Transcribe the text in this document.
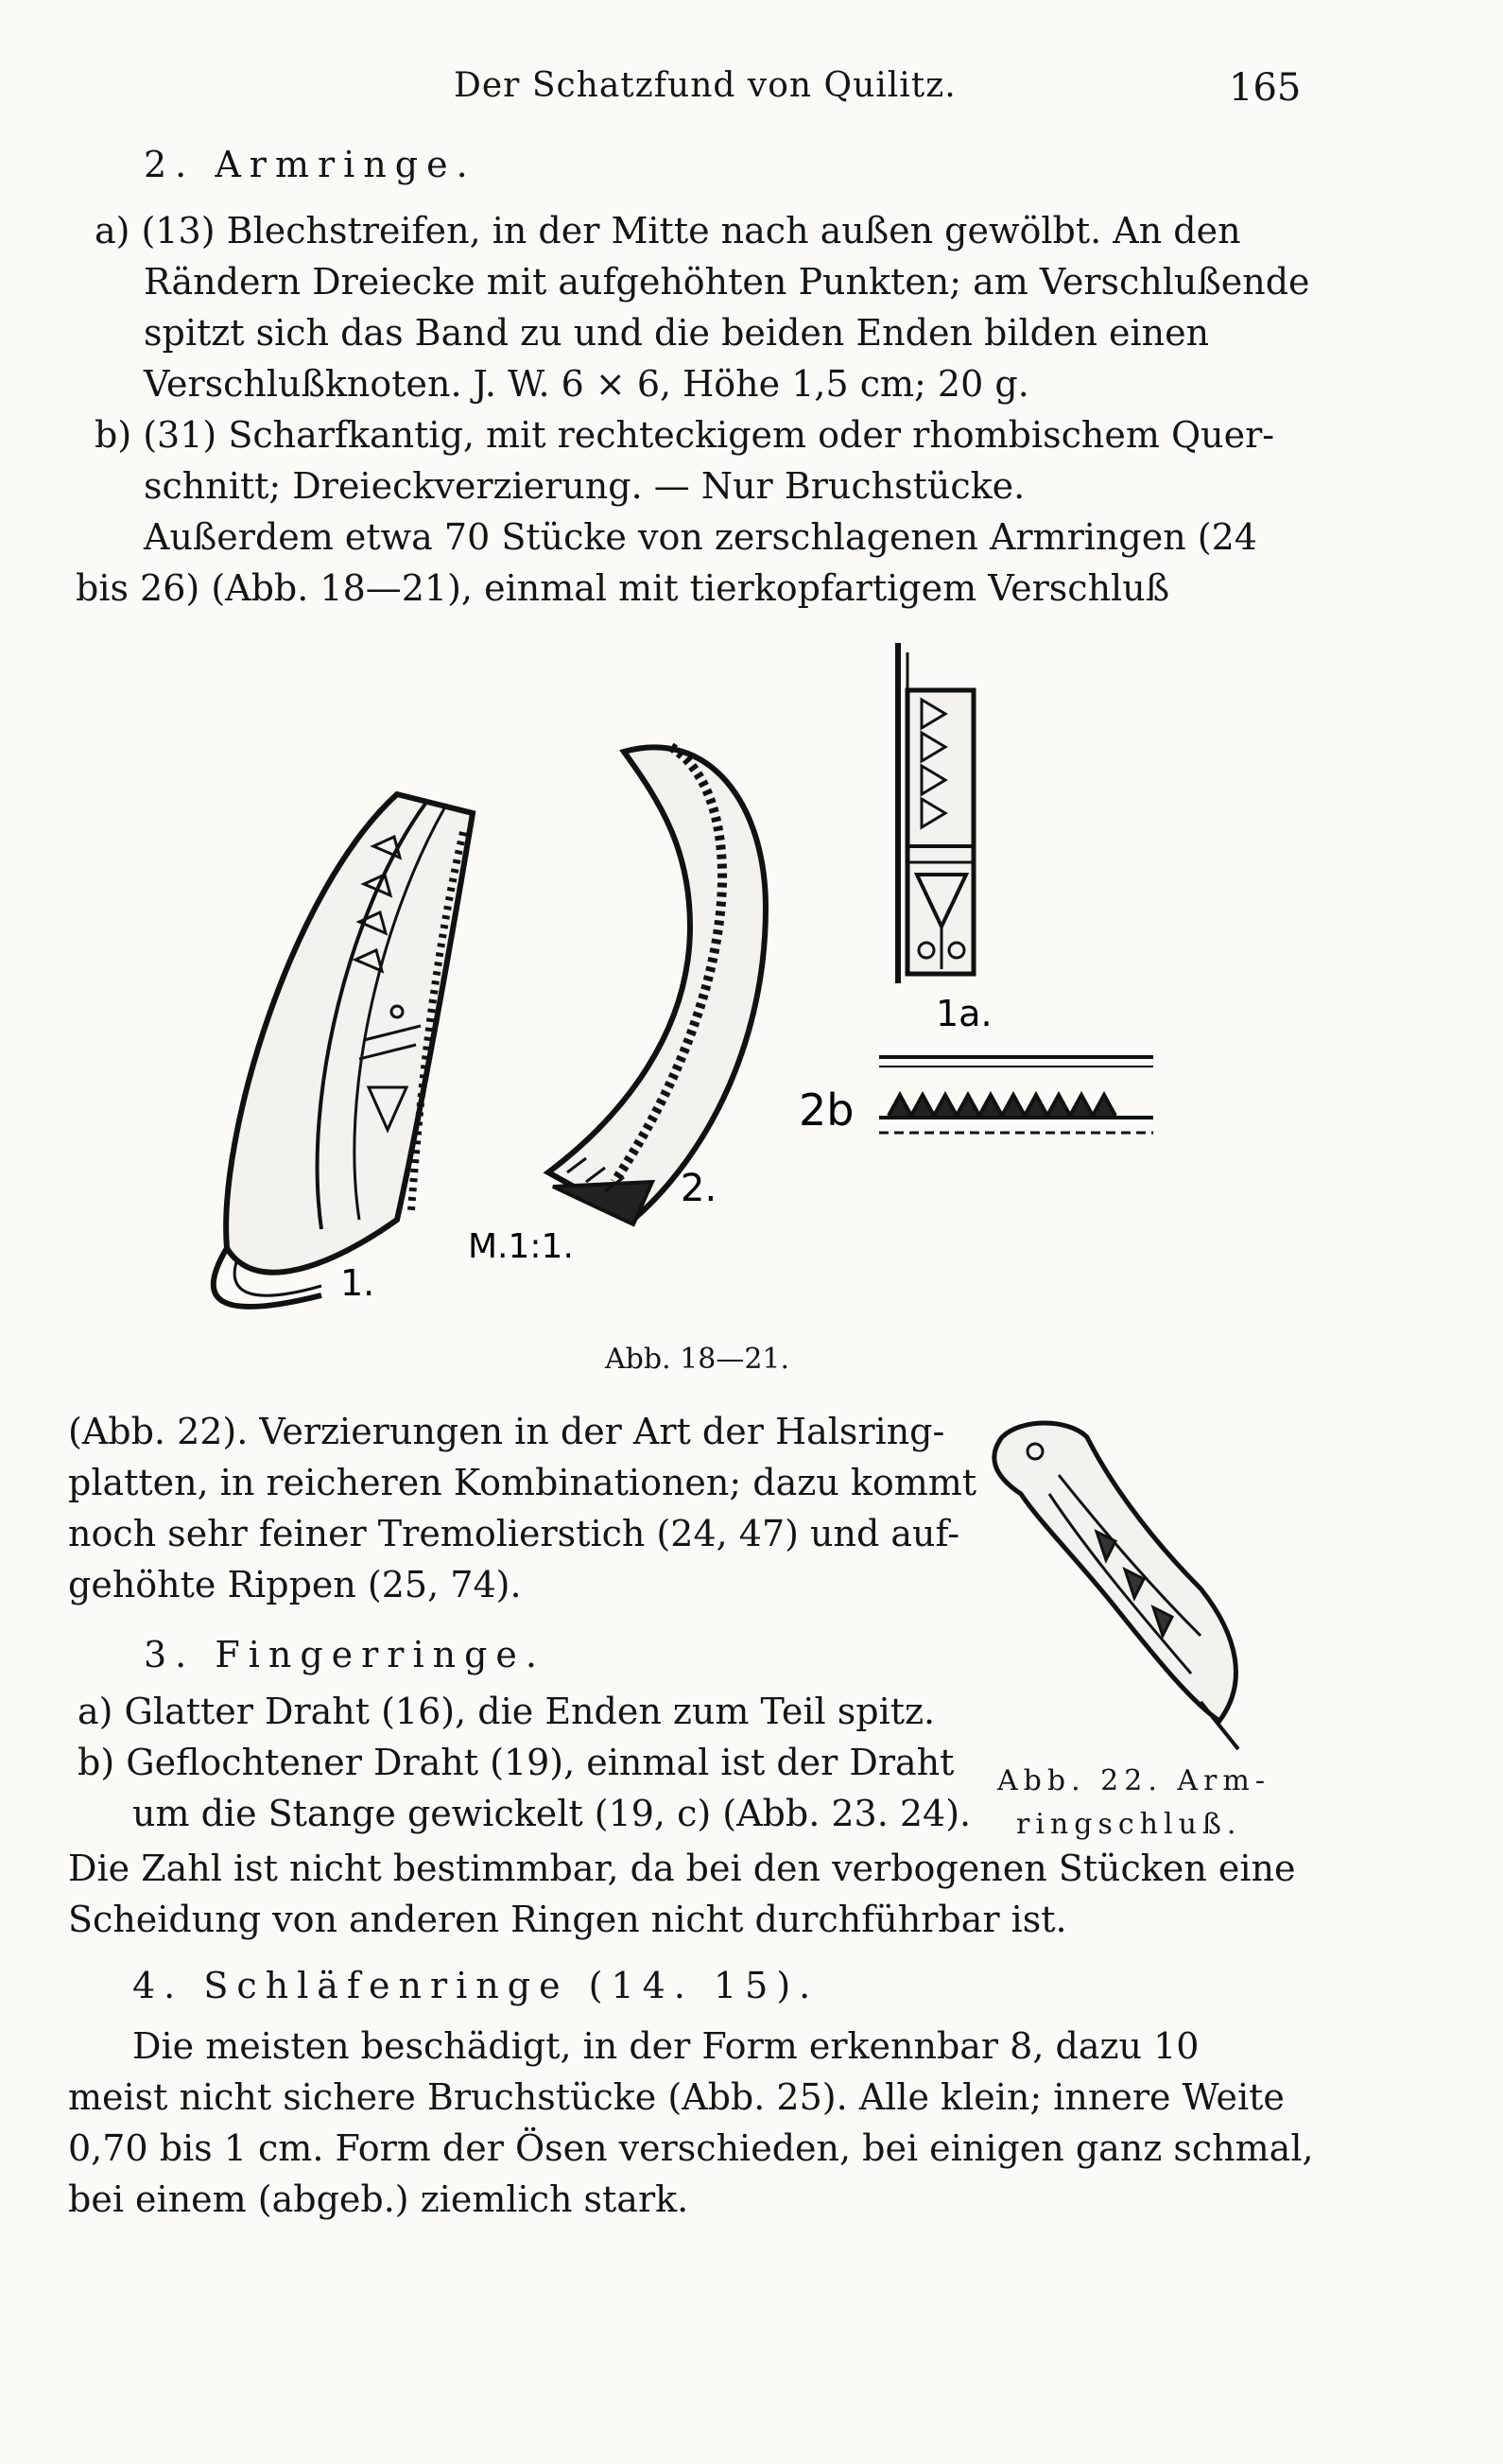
Der Schatzfund von Quilitz.	165
2. Armringe.
a) (13) Blechstreifen, in der Mitte nach außen gewölbt. An den
Rändern Dreiecke mit aufgehöhten Punkten; am Verschlußende
spitzt sich das Band zu und die beiden Enden bilden einen
Verschlußknoten. J. W. 6 × 6, Höhe 1,5 cm; 20 g.
b) (31) Scharfkantig, mit rechteckigem oder rhombischem Quer-
schnitt; Dreieckverzierung. — Nur Bruchstücke.
Außerdem etwa 70 Stücke von zerschlagenen Armringen (24
bis 26) (Abb. 18—21), einmal mit tierkopfartigem Verschluß
1.
M.1:1.
2.
1a.
2b
Abb. 18—21.
(Abb. 22). Verzierungen in der Art der Halsring-
platten, in reicheren Kombinationen; dazu kommt
noch sehr feiner Tremolierstich (24, 47) und auf-
gehöhte Rippen (25, 74).
3. Fingerringe.
a) Glatter Draht (16), die Enden zum Teil spitz.
b) Geflochtener Draht (19), einmal ist der Draht
um die Stange gewickelt (19, c) (Abb. 23. 24).
Abb. 22. Arm-
ringschluß.
Die Zahl ist nicht bestimmbar, da bei den verbogenen Stücken eine
Scheidung von anderen Ringen nicht durchführbar ist.
4. Schläfenringe (14. 15).
Die meisten beschädigt, in der Form erkennbar 8, dazu 10
meist nicht sichere Bruchstücke (Abb. 25). Alle klein; innere Weite
0,70 bis 1 cm. Form der Ösen verschieden, bei einigen ganz schmal,
bei einem (abgeb.) ziemlich stark.
